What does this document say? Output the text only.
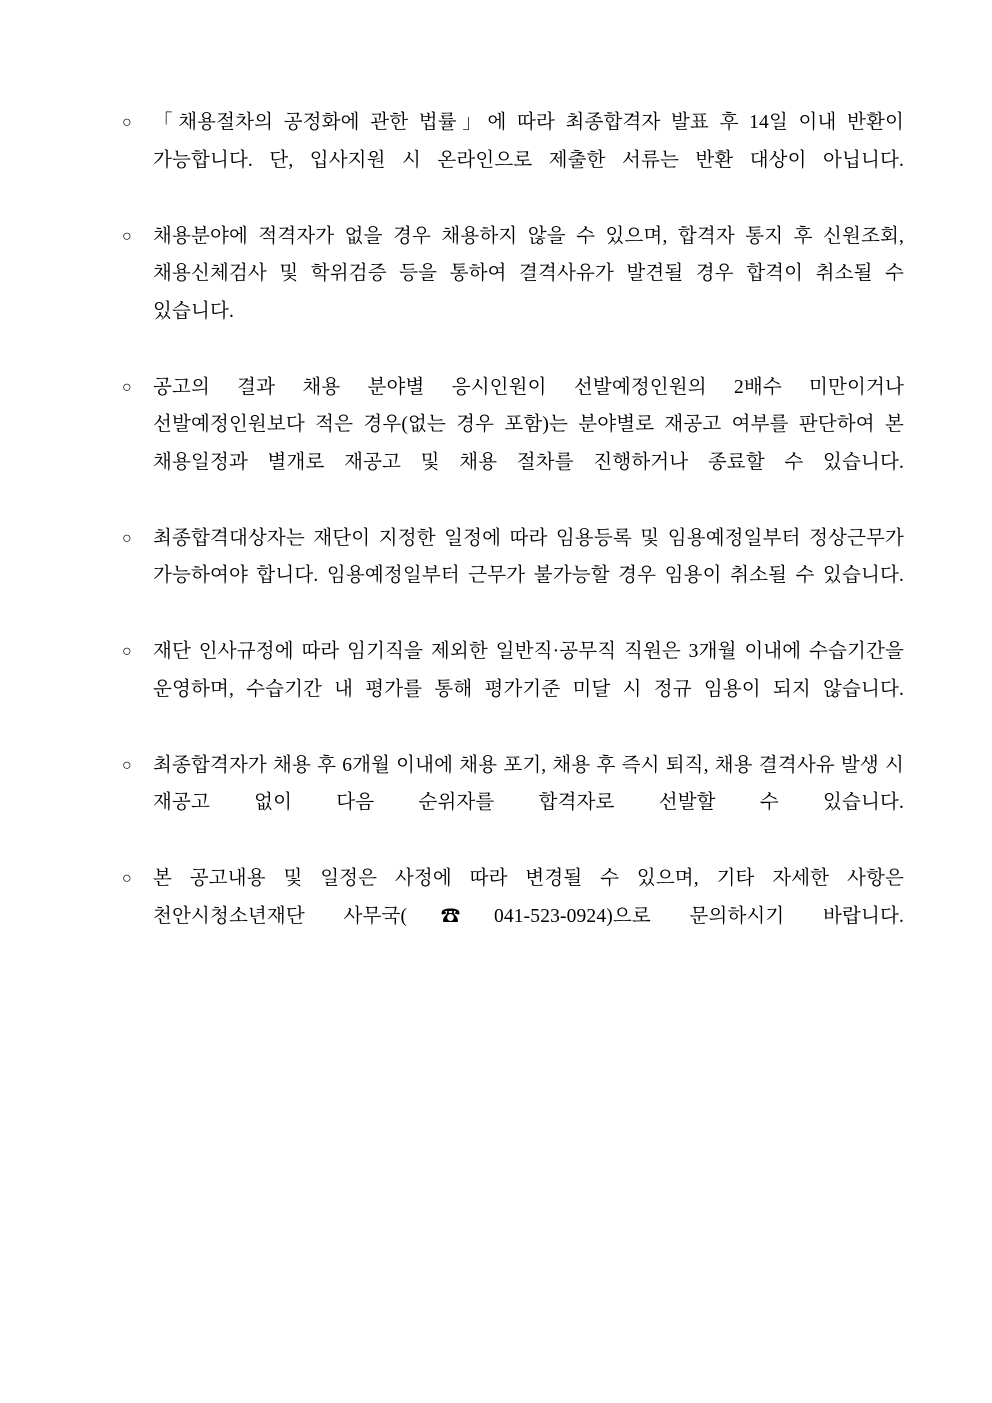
○ 「채용절차의 공정화에 관한 법률」에 따라 최종합격자 발표 후 14일 이내 반환이 가능합니다. 단, 입사지원 시 온라인으로 제출한 서류는 반환 대상이 아닙니다.
○ 채용분야에 적격자가 없을 경우 채용하지 않을 수 있으며, 합격자 통지 후 신원조회, 채용신체검사 및 학위검증 등을 통하여 결격사유가 발견될 경우 합격이 취소될 수 있습니다.
○ 공고의 결과 채용 분야별 응시인원이 선발예정인원의 2배수 미만이거나 선발예정인원보다 적은 경우(없는 경우 포함)는 분야별로 재공고 여부를 판단하여 본 채용일정과 별개로 재공고 및 채용 절차를 진행하거나 종료할 수 있습니다.
○ 최종합격대상자는 재단이 지정한 일정에 따라 임용등록 및 임용예정일부터 정상근무가 가능하여야 합니다. 임용예정일부터 근무가 불가능할 경우 임용이 취소될 수 있습니다.
○ 재단 인사규정에 따라 임기직을 제외한 일반직·공무직 직원은 3개월 이내에 수습기간을 운영하며, 수습기간 내 평가를 통해 평가기준 미달 시 정규 임용이 되지 않습니다.
○ 최종합격자가 채용 후 6개월 이내에 채용 포기, 채용 후 즉시 퇴직, 채용 결격사유 발생 시 재공고 없이 다음 순위자를 합격자로 선발할 수 있습니다.
○ 본 공고내용 및 일정은 사정에 따라 변경될 수 있으며, 기타 자세한 사항은 천안시청소년재단 사무국(☎041-523-0924)으로 문의하시기 바랍니다.
